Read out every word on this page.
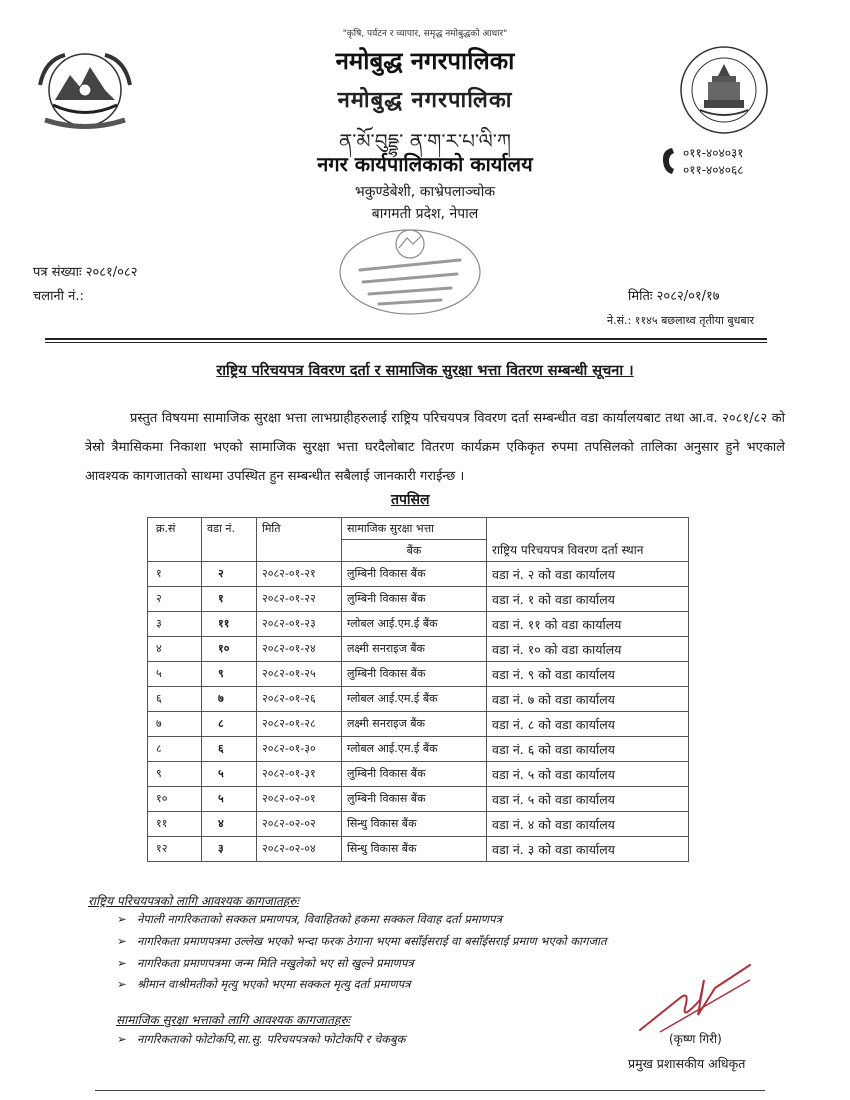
"कृषि, पर्यटन र व्यापार, समृद्ध नमोबुद्धको आधार"
नमोबुद्ध नगरपालिका
नमोबुद्ध नगरपालिका
ན་མོ་བུདྡྷ་ ན་ག་ར་པ་ལི་ཀ
नगर कार्यपालिकाको कार्यालय
भकुण्डेबेशी, काभ्रेपलाञ्चोक
बागमती प्रदेश, नेपाल
०११-४०४०३१
०११-४०४०६८
पत्र संख्याः २०८१/०८२
चलानी नं.:	मितिः २०८२/०१/१७
ने.सं.: ११४५ बछलाथ्व तृतीया बुधबार
राष्ट्रिय परिचयपत्र विवरण दर्ता र सामाजिक सुरक्षा भत्ता वितरण सम्बन्धी सूचना ।
प्रस्तुत विषयमा सामाजिक सुरक्षा भत्ता लाभग्राहीहरुलाई राष्ट्रिय परिचयपत्र विवरण दर्ता सम्बन्धीत वडा कार्यालयबाट तथा आ.व. २०८१/८२ को त्रेस्रो त्रैमासिकमा निकाशा भएको सामाजिक सुरक्षा भत्ता घरदैलोबाट वितरण कार्यक्रम एकिकृत रुपमा तपसिलको तालिका अनुसार हुने भएकाले आवश्यक कागजातको साथमा उपस्थित हुन सम्बन्धीत सबैलाई जानकारी गराईन्छ ।
तपसिल
क्र.सं	वडा नं.	मिति	सामाजिक सुरक्षा भत्ता	राष्ट्रिय परिचयपत्र विवरण दर्ता स्थान
			बैंक	
१	२	२०८२-०१-२१	लुम्बिनी विकास बैंक	वडा नं. २ को वडा कार्यालय
२	१	२०८२-०१-२२	लुम्बिनी विकास बैंक	वडा नं. १ को वडा कार्यालय
३	११	२०८२-०१-२३	ग्लोबल आई.एम.ई बैंक	वडा नं. ११ को वडा कार्यालय
४	१०	२०८२-०१-२४	लक्ष्मी सनराइज बैंक	वडा नं. १० को वडा कार्यालय
५	९	२०८२-०१-२५	लुम्बिनी विकास बैंक	वडा नं. ९ को वडा कार्यालय
६	७	२०८२-०१-२६	ग्लोबल आई.एम.ई बैंक	वडा नं. ७ को वडा कार्यालय
७	८	२०८२-०१-२८	लक्ष्मी सनराइज बैंक	वडा नं. ८ को वडा कार्यालय
८	६	२०८२-०१-३०	ग्लोबल आई.एम.ई बैंक	वडा नं. ६ को वडा कार्यालय
९	५	२०८२-०१-३१	लुम्बिनी विकास बैंक	वडा नं. ५ को वडा कार्यालय
१०	५	२०८२-०२-०१	लुम्बिनी विकास बैंक	वडा नं. ५ को वडा कार्यालय
११	४	२०८२-०२-०२	सिन्धु विकास बैंक	वडा नं. ४ को वडा कार्यालय
१२	३	२०८२-०२-०४	सिन्धु विकास बैंक	वडा नं. ३ को वडा कार्यालय
राष्ट्रिय परिचयपत्रको लागि आवश्यक कागजातहरुः
➢ नेपाली नागरिकताको सक्कल प्रमाणपत्र, विवाहितको हकमा सक्कल विवाह दर्ता प्रमाणपत्र
➢ नागरिकता प्रमाणपत्रमा उल्लेख भएको भन्दा फरक ठेगाना भएमा बसाँईसराई वा बसाँईसराई प्रमाण भएको कागजात
➢ नागरिकता प्रमाणपत्रमा जन्म मिति नखुलेको भए सो खुल्ने प्रमाणपत्र
➢ श्रीमान वाश्रीमतीको मृत्यु भएको भएमा सक्कल मृत्यु दर्ता प्रमाणपत्र
सामाजिक सुरक्षा भत्ताको लागि आवश्यक कागजातहरुः
➢ नागरिकताको फोटोकपि,सा.सु. परिचयपत्रको फोटोकपि र चेकबुक	(कृष्ण गिरी)
प्रमुख प्रशासकीय अधिकृत
